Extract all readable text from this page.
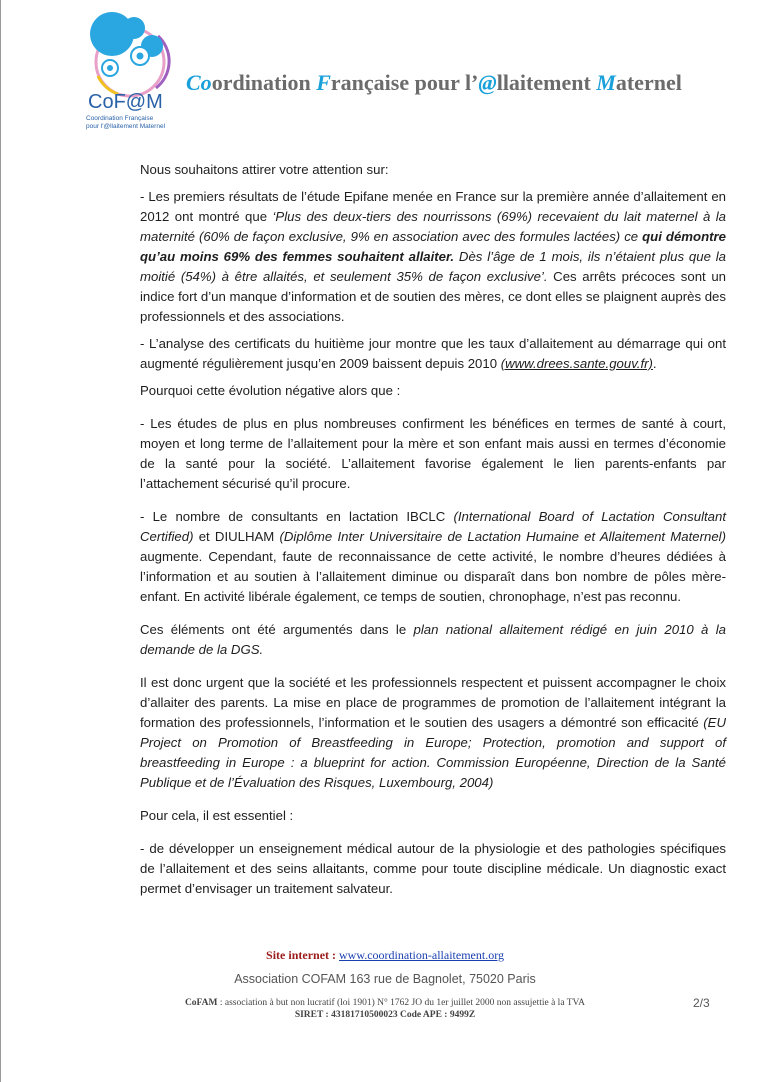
CoF@M
Coordination Française
pour l'@llaitement Maternel
Coordination Française pour l’@llaitement Maternel

Nous souhaitons attirer votre attention sur:

- Les premiers résultats de l’étude Epifane menée en France sur la première année d’allaitement en 2012 ont montré que ‘Plus des deux-tiers des nourrissons (69%) recevaient du lait maternel à la maternité (60% de façon exclusive, 9% en association avec des formules lactées) ce qui démontre qu’au moins 69% des femmes souhaitent allaiter. Dès l’âge de 1 mois, ils n’étaient plus que la moitié (54%) à être allaités, et seulement 35% de façon exclusive’. Ces arrêts précoces sont un indice fort d’un manque d’information et de soutien des mères, ce dont elles se plaignent auprès des professionnels et des associations.

- L’analyse des certificats du huitième jour montre que les taux d’allaitement au démarrage qui ont augmenté régulièrement jusqu’en 2009 baissent depuis 2010 (www.drees.sante.gouv.fr).

Pourquoi cette évolution négative alors que :

- Les études de plus en plus nombreuses confirment les bénéfices en termes de santé à court, moyen et long terme de l’allaitement pour la mère et son enfant mais aussi en termes d’économie de la santé pour la société. L’allaitement favorise également le lien parents-enfants par l’attachement sécurisé qu’il procure.

- Le nombre de consultants en lactation IBCLC (International Board of Lactation Consultant Certified) et DIULHAM (Diplôme Inter Universitaire de Lactation Humaine et Allaitement Maternel) augmente. Cependant, faute de reconnaissance de cette activité, le nombre d’heures dédiées à l’information et au soutien à l’allaitement diminue ou disparaît dans bon nombre de pôles mère-enfant. En activité libérale également, ce temps de soutien, chronophage, n’est pas reconnu.

Ces éléments ont été argumentés dans le plan national allaitement rédigé en juin 2010 à la demande de la DGS.

Il est donc urgent que la société et les professionnels respectent et puissent accompagner le choix d’allaiter des parents. La mise en place de programmes de promotion de l’allaitement intégrant la formation des professionnels, l’information et le soutien des usagers a démontré son efficacité (EU Project on Promotion of Breastfeeding in Europe; Protection, promotion and support of breastfeeding in Europe : a blueprint for action. Commission Européenne, Direction de la Santé Publique et de l’Évaluation des Risques, Luxembourg, 2004)

Pour cela, il est essentiel :

- de développer un enseignement médical autour de la physiologie et des pathologies spécifiques de l’allaitement et des seins allaitants, comme pour toute discipline médicale. Un diagnostic exact permet d’envisager un traitement salvateur.

Site internet : www.coordination-allaitement.org
Association COFAM 163 rue de Bagnolet, 75020 Paris
CoFAM : association à but non lucratif (loi 1901) N° 1762 JO du 1er juillet 2000 non assujettie à la TVA
SIRET : 43181710500023 Code APE : 9499Z
2/3
